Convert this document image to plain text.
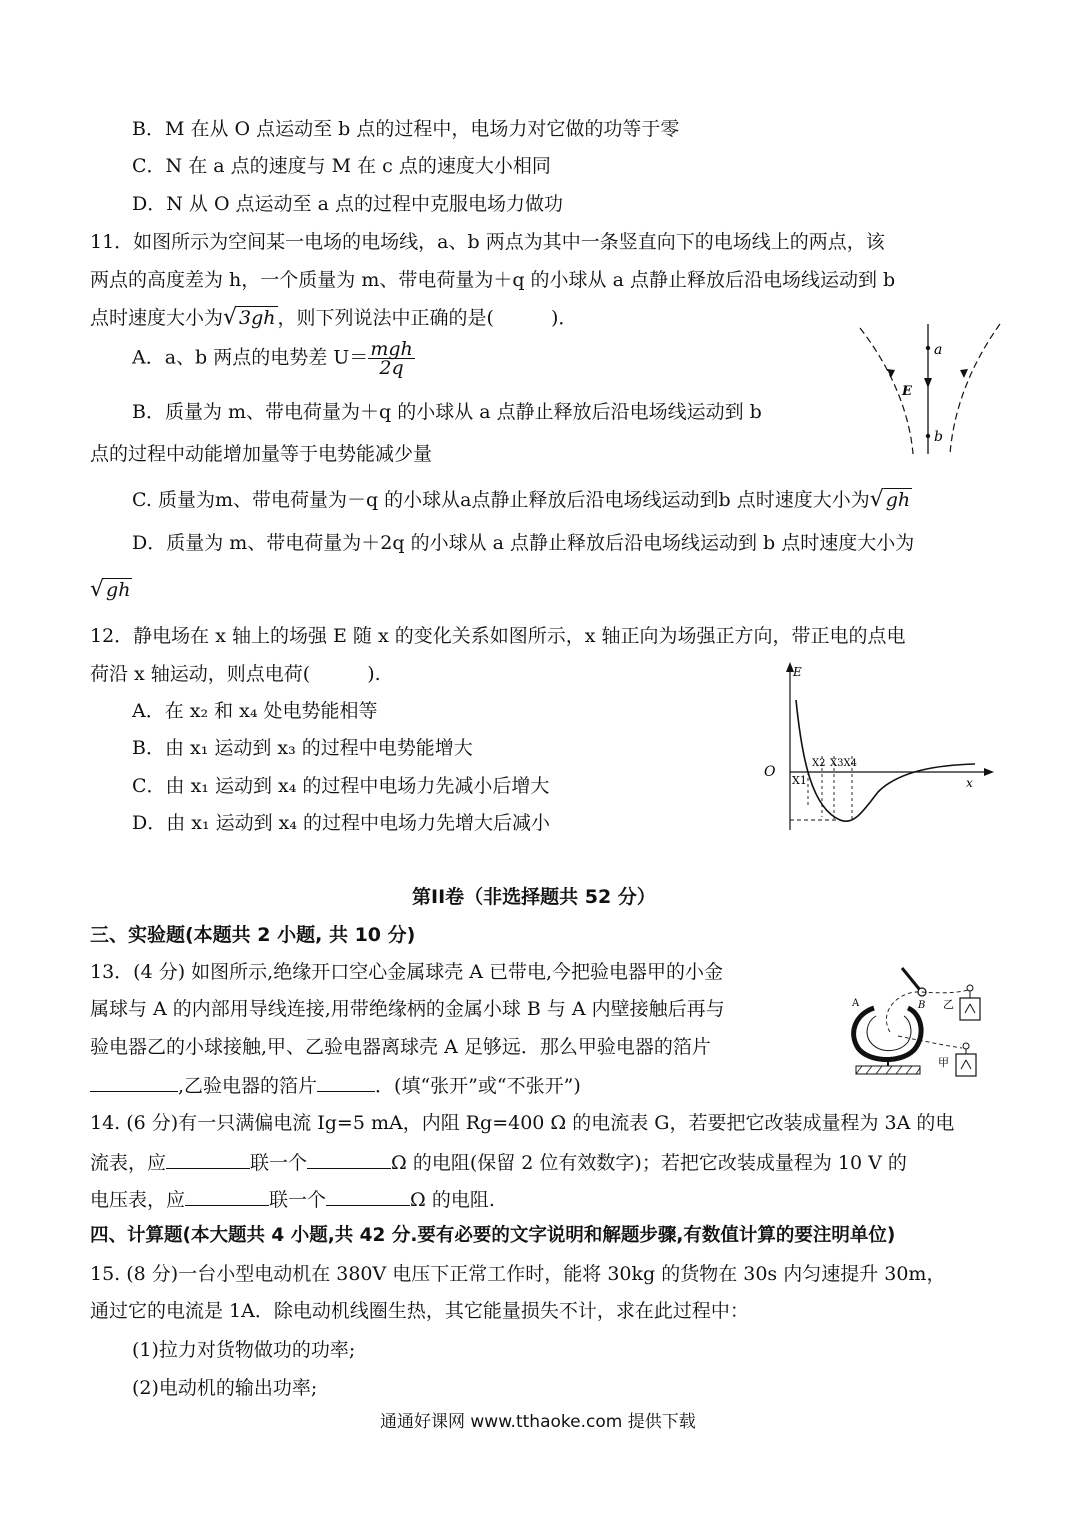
B．M 在从 O 点运动至 b 点的过程中，电场力对它做的功等于零
C．N 在 a 点的速度与 M 在 c 点的速度大小相同
D．N 从 O 点运动至 a 点的过程中克服电场力做功
11．如图所示为空间某一电场的电场线，a、b 两点为其中一条竖直向下的电场线上的两点，该
两点的高度差为 h，一个质量为 m、带电荷量为＋q 的小球从 a 点静止释放后沿电场线运动到 b
点时速度大小为√ 3gh ，则下列说法中正确的是(　　　)．
A．a、b 两点的电势差 $U= \frac{\text{mgh}}{2q}$
B．质量为 m、带电荷量为＋q 的小球从 a 点静止释放后沿电场线运动到 b
点的过程中动能增加量等于电势能减少量
C. 质量为m、带电荷量为－q 的小球从a点静止释放后沿电场线运动到b 点时速度大小为√ gh
D．质量为 m、带电荷量为＋2q 的小球从 a 点静止释放后沿电场线运动到 b 点时速度大小为
√ gh
a
b
E
12．静电场在 x 轴上的场强 E 随 x 的变化关系如图所示，x 轴正向为场强正方向，带正电的点电
荷沿 x 轴运动，则点电荷(　　　).
A．在 x₂ 和 x₄ 处电势能相等
B．由 x₁ 运动到 x₃ 的过程中电势能增大
C．由 x₁ 运动到 x₄ 的过程中电场力先减小后增大
D．由 x₁ 运动到 x₄ 的过程中电场力先增大后减小
E
O
x
X1
X2 X3X4
第II卷（非选择题共 52 分）
三、实验题(本题共 2 小题, 共 10 分)
13．(4 分) 如图所示,绝缘开口空心金属球壳 A 已带电,今把验电器甲的小金
属球与 A 的内部用导线连接,用带绝缘柄的金属小球 B 与 A 内壁接触后再与
验电器乙的小球接触,甲、乙验电器离球壳 A 足够远．那么甲验电器的箔片
,乙验电器的箔片	．(填“张开”或“不张开”)
A	B 乙
甲
14. (6 分)有一只满偏电流 Ig=5 mA，内阻 Rg=400 Ω 的电流表 G，若要把它改装成量程为 3A 的电
流表，应	联一个	Ω 的电阻(保留 2 位有效数字)；若把它改装成量程为 10 V 的
电压表，应	联一个	Ω 的电阻.
四、计算题(本大题共 4 小题,共 42 分.要有必要的文字说明和解题步骤,有数值计算的要注明单位)
15. (8 分)一台小型电动机在 380V 电压下正常工作时，能将 30kg 的货物在 30s 内匀速提升 30m，
通过它的电流是 1A．除电动机线圈生热，其它能量损失不计，求在此过程中：
(1)拉力对货物做功的功率;
(2)电动机的输出功率;
通通好课网 www.tthaoke.com 提供下载
